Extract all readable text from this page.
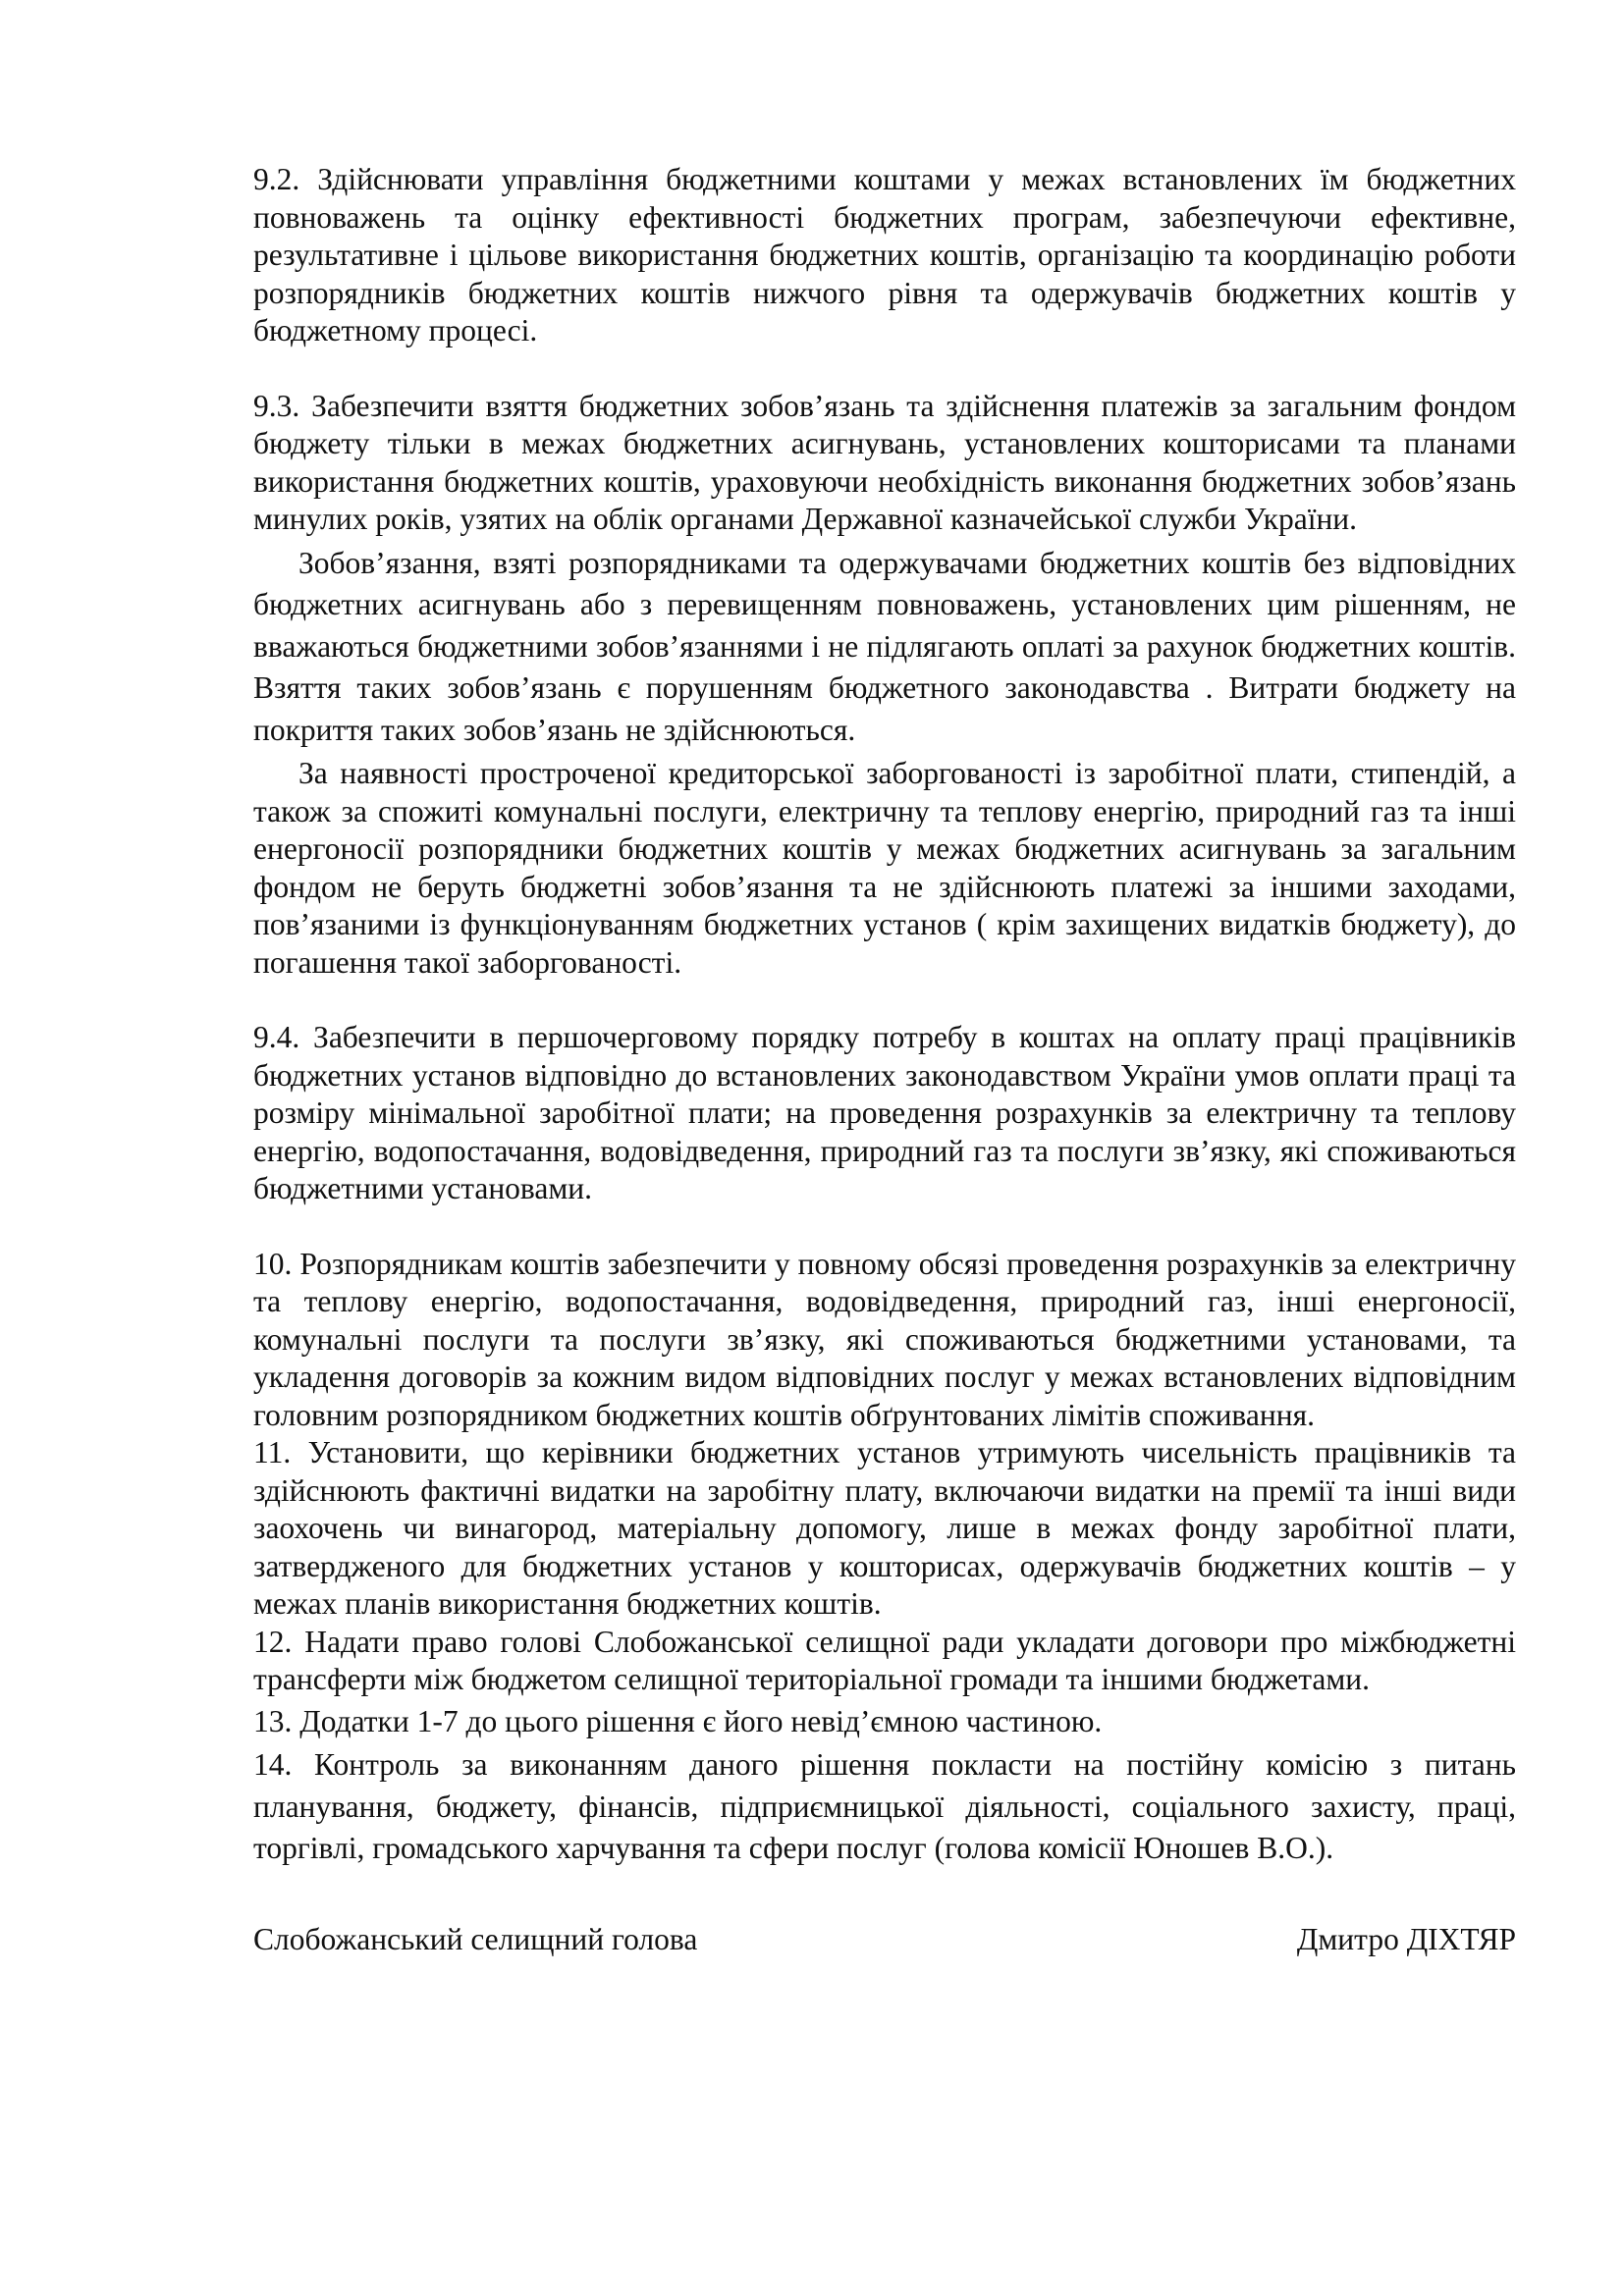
9.2. Здійснювати управління бюджетними коштами у межах встановлених їм бюджетних повноважень та оцінку ефективності бюджетних програм, забезпечуючи ефективне, результативне і цільове використання бюджетних коштів, організацію та координацію роботи розпорядників бюджетних коштів нижчого рівня та одержувачів бюджетних коштів у бюджетному процесі.

9.3. Забезпечити взяття бюджетних зобов’язань та здійснення платежів за загальним фондом бюджету тільки в межах бюджетних асигнувань, установлених кошторисами та планами використання бюджетних коштів, ураховуючи необхідність виконання бюджетних зобов’язань минулих років, узятих на облік органами Державної казначейської служби України.

Зобов’язання, взяті розпорядниками та одержувачами бюджетних коштів без відповідних бюджетних асигнувань або з перевищенням повноважень, установлених цим рішенням, не вважаються бюджетними зобов’язаннями і не підлягають оплаті за рахунок бюджетних коштів. Взяття таких зобов’язань є порушенням бюджетного законодавства . Витрати бюджету на покриття таких зобов’язань не здійснюються.

За наявності простроченої кредиторської заборгованості із заробітної плати, стипендій, а також за спожиті комунальні послуги, електричну та теплову енергію, природний газ та інші енергоносії розпорядники бюджетних коштів у межах бюджетних асигнувань за загальним фондом не беруть бюджетні зобов’язання та не здійснюють платежі за іншими заходами, пов’язаними із функціонуванням бюджетних установ ( крім захищених видатків бюджету), до погашення такої заборгованості.

9.4. Забезпечити в першочерговому порядку потребу в коштах на оплату праці працівників бюджетних установ відповідно до встановлених законодавством України умов оплати праці та розміру мінімальної заробітної плати; на проведення розрахунків за електричну та теплову енергію, водопостачання, водовідведення, природний газ та послуги зв’язку, які споживаються бюджетними установами.

10. Розпорядникам коштів забезпечити у повному обсязі проведення розрахунків за електричну та теплову енергію, водопостачання, водовідведення, природний газ, інші енергоносії, комунальні послуги та послуги зв’язку, які споживаються бюджетними установами, та укладення договорів за кожним видом відповідних послуг у межах встановлених відповідним головним розпорядником бюджетних коштів обґрунтованих лімітів споживання.

11. Установити, що керівники бюджетних установ утримують чисельність працівників та здійснюють фактичні видатки на заробітну плату, включаючи видатки на премії та інші види заохочень чи винагород, матеріальну допомогу, лише в межах фонду заробітної плати, затвердженого для бюджетних установ у кошторисах, одержувачів бюджетних коштів – у межах планів використання бюджетних коштів.

12. Надати право голові Слобожанської селищної ради укладати договори про міжбюджетні трансферти між бюджетом селищної територіальної громади та іншими бюджетами.

13. Додатки 1-7 до цього рішення є його невід’ємною частиною.

14. Контроль за виконанням даного рішення покласти на постійну комісію з питань планування, бюджету, фінансів, підприємницької діяльності, соціального захисту, праці, торгівлі, громадського харчування та сфери послуг (голова комісії Юношев В.О.).

Слобожанський селищний голова	Дмитро ДІХТЯР
